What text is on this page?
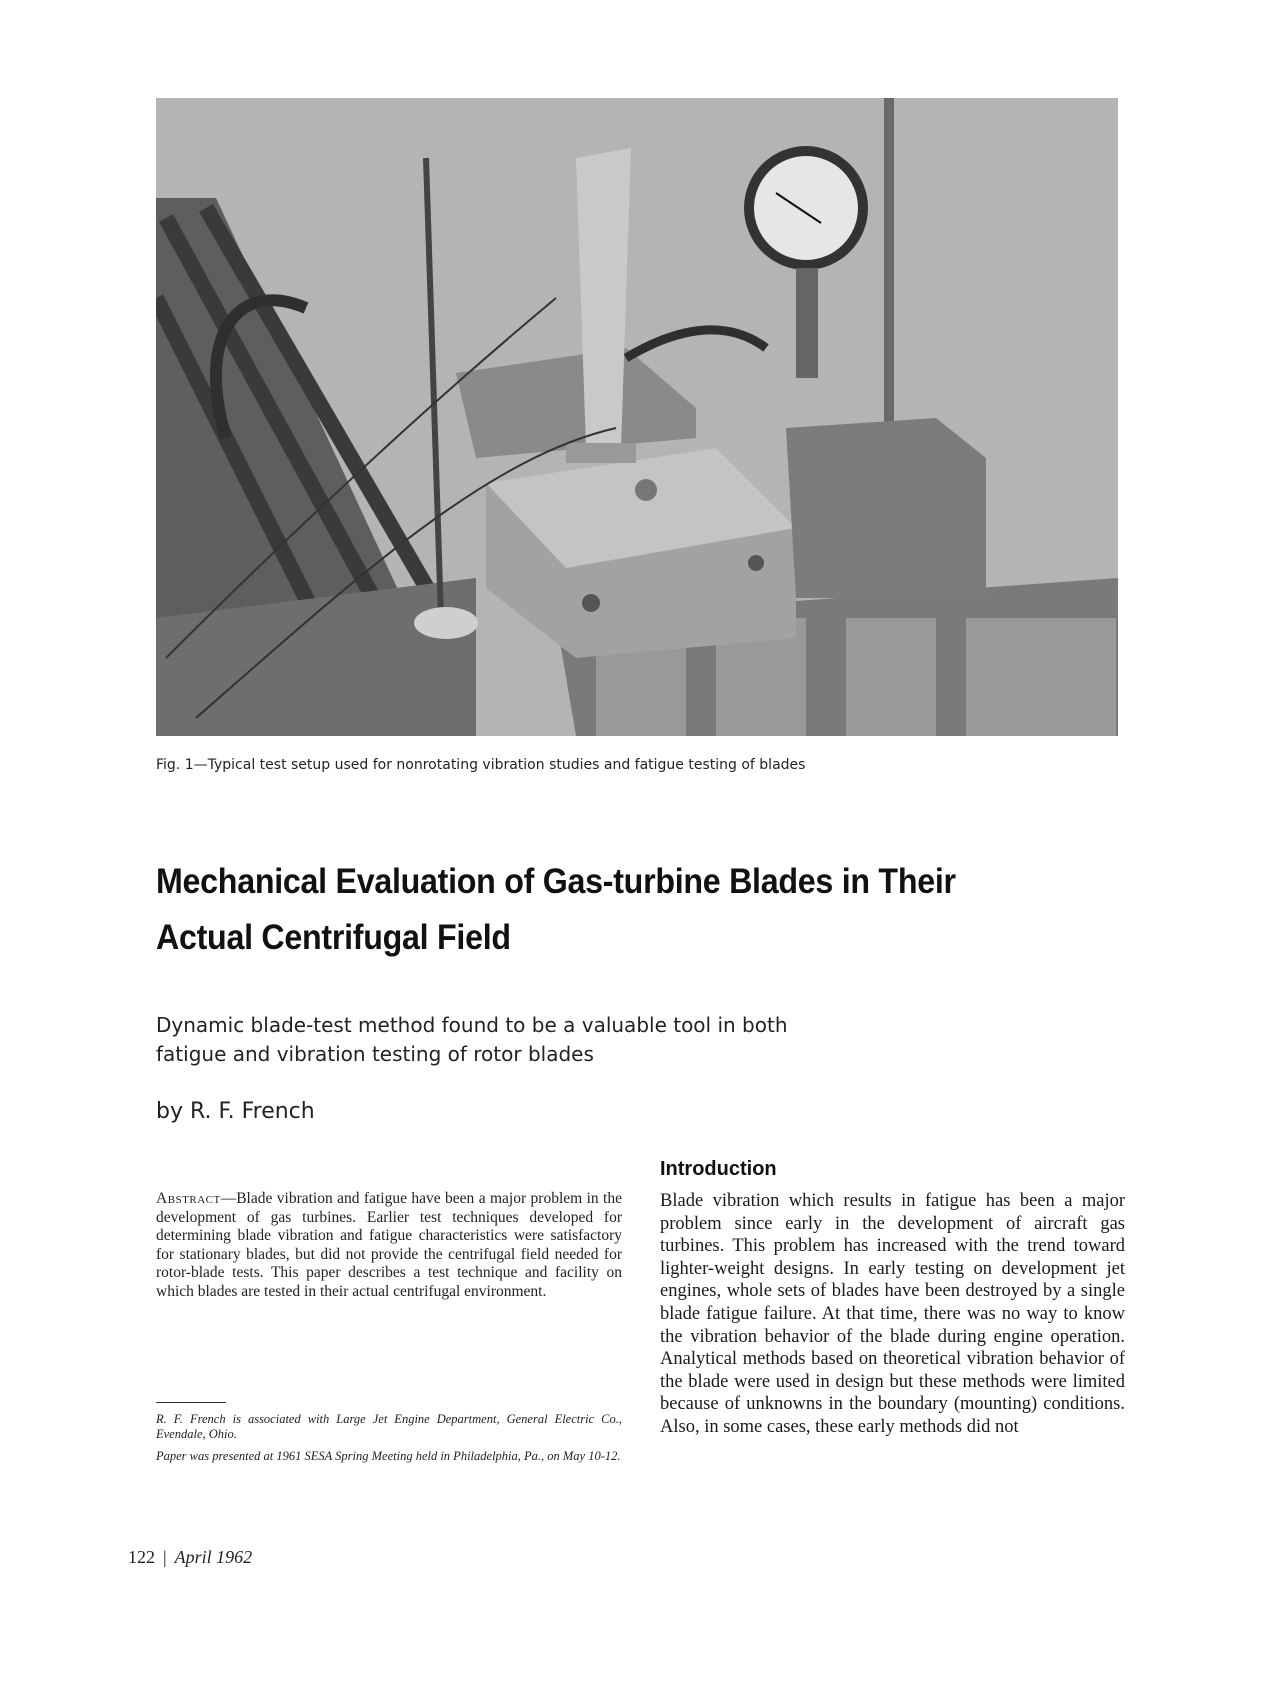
Fig. 1—Typical test setup used for nonrotating vibration studies and fatigue testing of blades
Mechanical Evaluation of Gas-turbine Blades in Their Actual Centrifugal Field
Dynamic blade-test method found to be a valuable tool in both fatigue and vibration testing of rotor blades
by R. F. French
Abstract—Blade vibration and fatigue have been a major problem in the development of gas turbines. Earlier test techniques developed for determining blade vibration and fatigue characteristics were satisfactory for stationary blades, but did not provide the centrifugal field needed for rotor-blade tests. This paper describes a test technique and facility on which blades are tested in their actual centrifugal environment.

R. F. French is associated with Large Jet Engine Department, General Electric Co., Evendale, Ohio.

Paper was presented at 1961 SESA Spring Meeting held in Philadelphia, Pa., on May 10-12.

Introduction

Blade vibration which results in fatigue has been a major problem since early in the development of aircraft gas turbines. This problem has increased with the trend toward lighter-weight designs. In early testing on development jet engines, whole sets of blades have been destroyed by a single blade fatigue failure. At that time, there was no way to know the vibration behavior of the blade during engine operation. Analytical methods based on theoretical vibration behavior of the blade were used in design but these methods were limited because of unknowns in the boundary (mounting) conditions. Also, in some cases, these early methods did not

122 | April 1962
